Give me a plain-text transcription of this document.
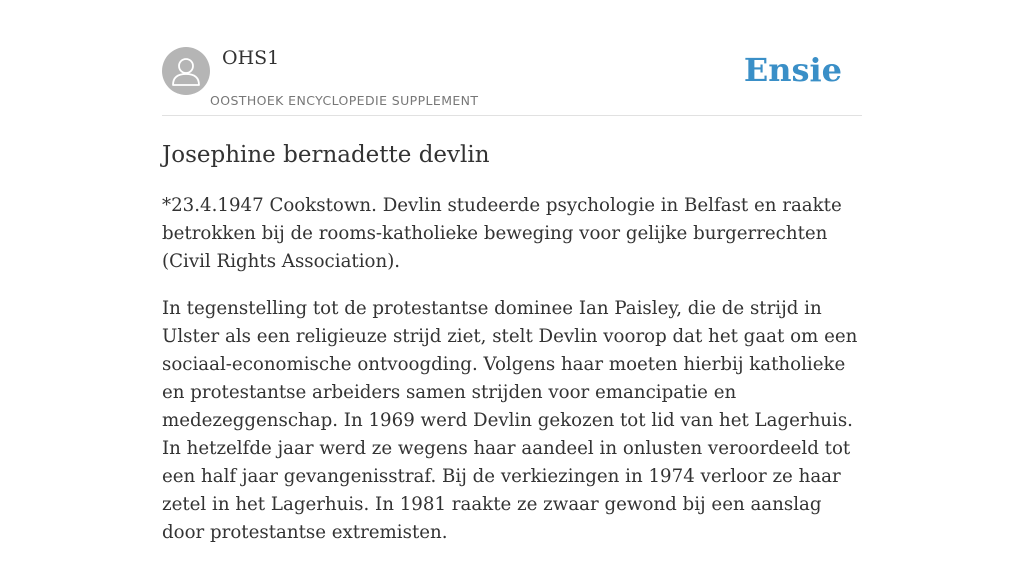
OHS1
OOSTHOEK ENCYCLOPEDIE SUPPLEMENT
Ensie
Josephine bernadette devlin

*23.4.1947 Cookstown. Devlin studeerde psychologie in Belfast en raakte betrokken bij de rooms-katholieke beweging voor gelijke burgerrechten (Civil Rights Association).

In tegenstelling tot de protestantse dominee Ian Paisley, die de strijd in Ulster als een religieuze strijd ziet, stelt Devlin voorop dat het gaat om een sociaal-economische ontvoogding. Volgens haar moeten hierbij katholieke en protestantse arbeiders samen strijden voor emancipatie en medezeggenschap. In 1969 werd Devlin gekozen tot lid van het Lagerhuis. In hetzelfde jaar werd ze wegens haar aandeel in onlusten veroordeeld tot een half jaar gevangenisstraf. Bij de verkiezingen in 1974 verloor ze haar zetel in het Lagerhuis. In 1981 raakte ze zwaar gewond bij een aanslag door protestantse extremisten.
